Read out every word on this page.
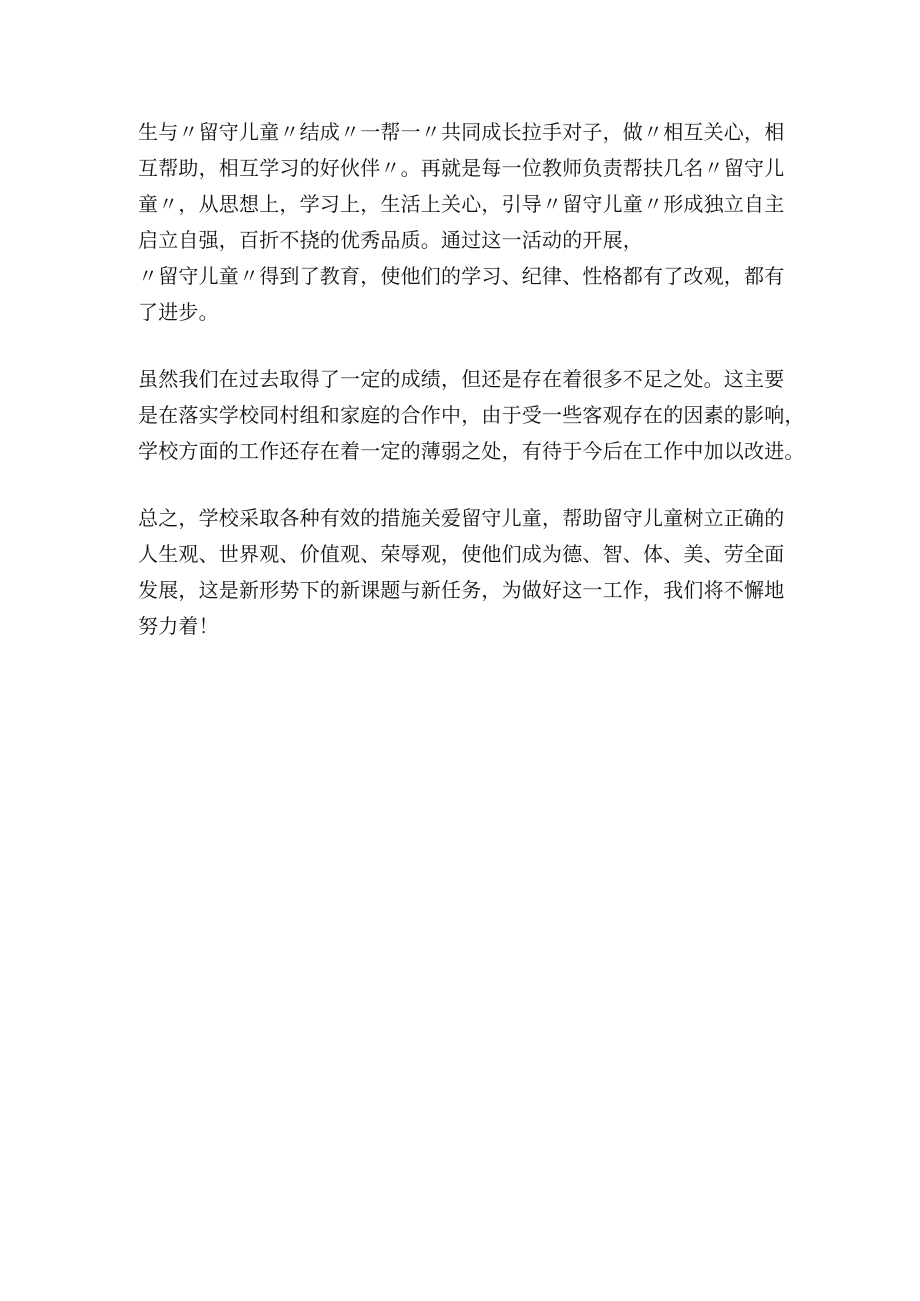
生与〃留守儿童〃结成〃一帮一〃共同成长拉手对子，做〃相互关心，相
互帮助，相互学习的好伙伴〃。再就是每一位教师负责帮扶几名〃留守儿
童〃，从思想上，学习上，生活上关心，引导〃留守儿童〃形成独立自主
启立自强，百折不挠的优秀品质。通过这一活动的开展，
〃留守儿童〃得到了教育，使他们的学习、纪律、性格都有了改观，都有
了进步。

虽然我们在过去取得了一定的成绩，但还是存在着很多不足之处。这主要
是在落实学校同村组和家庭的合作中，由于受一些客观存在的因素的影响，
学校方面的工作还存在着一定的薄弱之处，有待于今后在工作中加以改进。

总之，学校采取各种有效的措施关爱留守儿童，帮助留守儿童树立正确的
人生观、世界观、价值观、荣辱观，使他们成为德、智、体、美、劳全面
发展，这是新形势下的新课题与新任务，为做好这一工作，我们将不懈地
努力着！
